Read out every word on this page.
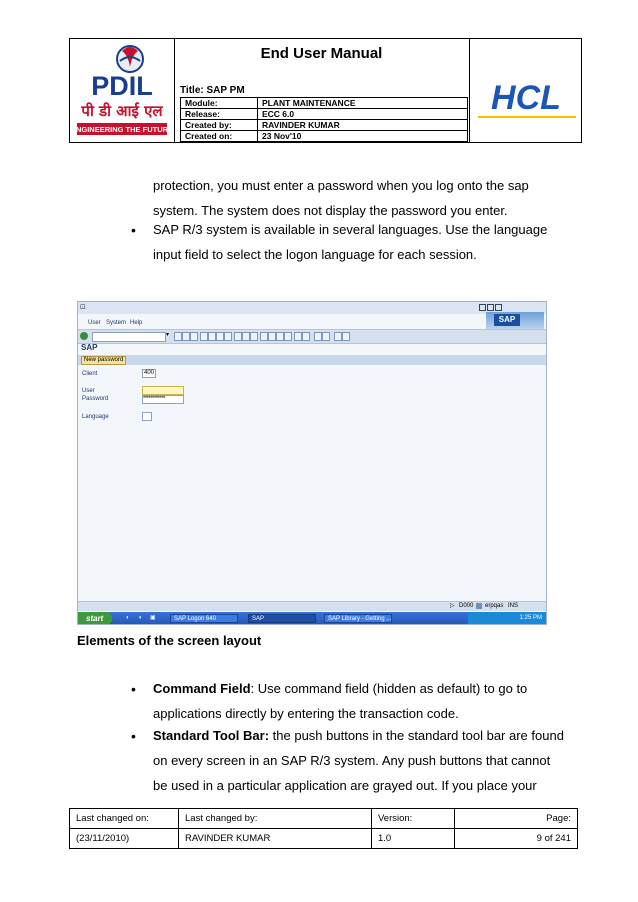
PDIL
पी डी आई एल
ENGINEERING THE FUTURE
End User Manual
Title: SAP PM
Module:	PLANT MAINTENANCE
Release:	ECC 6.0
Created by:	RAVINDER KUMAR
Created on:	23 Nov'10
HCL
protection, you must enter a password when you log onto the sap
system. The system does not display the password you enter.
• SAP R/3 system is available in several languages. Use the language
input field to select the logon language for each session.
⊡
User System Help	SAP
▾
SAP
New password
Client	400
User
Password	************
Language
▷ D000 erpqas INS
start	◐ ◑ ▣	SAP Logon 640	SAP	SAP Library - Getting ...	1:25 PM
Elements of the screen layout
• Command Field: Use command field (hidden as default) to go to
applications directly by entering the transaction code.
• Standard Tool Bar: the push buttons in the standard tool bar are found
on every screen in an SAP R/3 system. Any push buttons that cannot
be used in a particular application are grayed out. If you place your
Last changed on:	Last changed by:	Version:	Page:
(23/11/2010)	RAVINDER KUMAR	1.0	9 of 241
